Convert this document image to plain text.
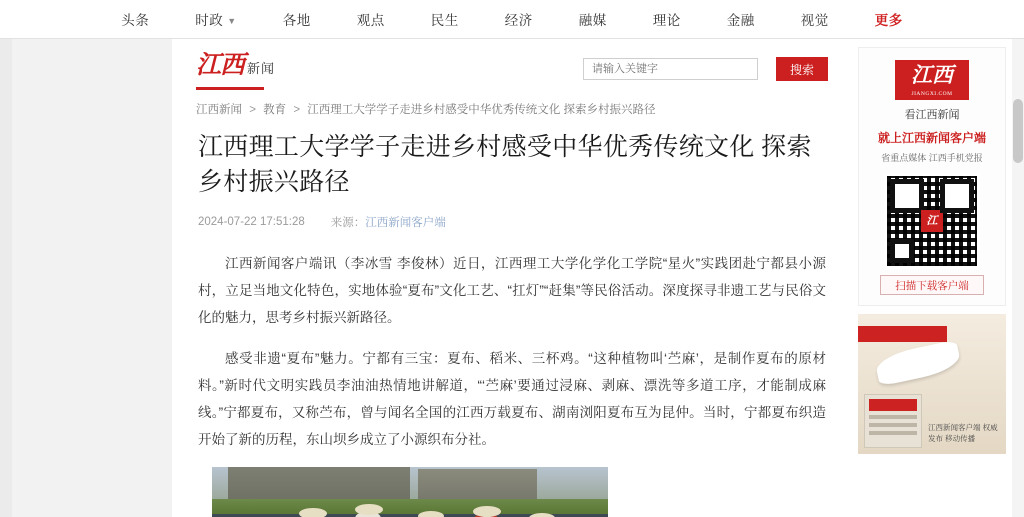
头条	时政 ▼	各地	观点	民生	经济	融媒	理论	金融	视觉	更多
江西 新闻
请输入关键字	搜索
江西新闻 > 教育 > 江西理工大学学子走进乡村感受中华优秀传统文化 探索乡村振兴路径
江西理工大学学子走进乡村感受中华优秀传统文化 探索乡村振兴路径
2024-07-22 17:51:28 来源：江西新闻客户端

江西新闻客户端讯（李冰雪 李俊林）近日，江西理工大学化学化工学院“星火”实践团赴宁都县小源村，立足当地文化特色，实地体验“夏布”文化工艺、“扛灯”“赶集”等民俗活动。深度探寻非遗工艺与民俗文化的魅力，思考乡村振兴新路径。

感受非遗“夏布”魅力。宁都有三宝：夏布、稻米、三杯鸡。“这种植物叫‘苎麻’，是制作夏布的原材料。”新时代文明实践员李油油热情地讲解道，“‘苎麻’要通过浸麻、剥麻、漂洗等多道工序，才能制成麻线。”宁都夏布，又称苎布，曾与闻名全国的江西万载夏布、湖南浏阳夏布互为昆仲。当时，宁都夏布织造开始了新的历程，东山坝乡成立了小源织布分社。

江西
JIANGXI.COM
看江西新闻
就上江西新闻客户端
省重点媒体 江西手机党报
江
扫描下载客户端
江西新闻客户端 权威发布 移动传播
